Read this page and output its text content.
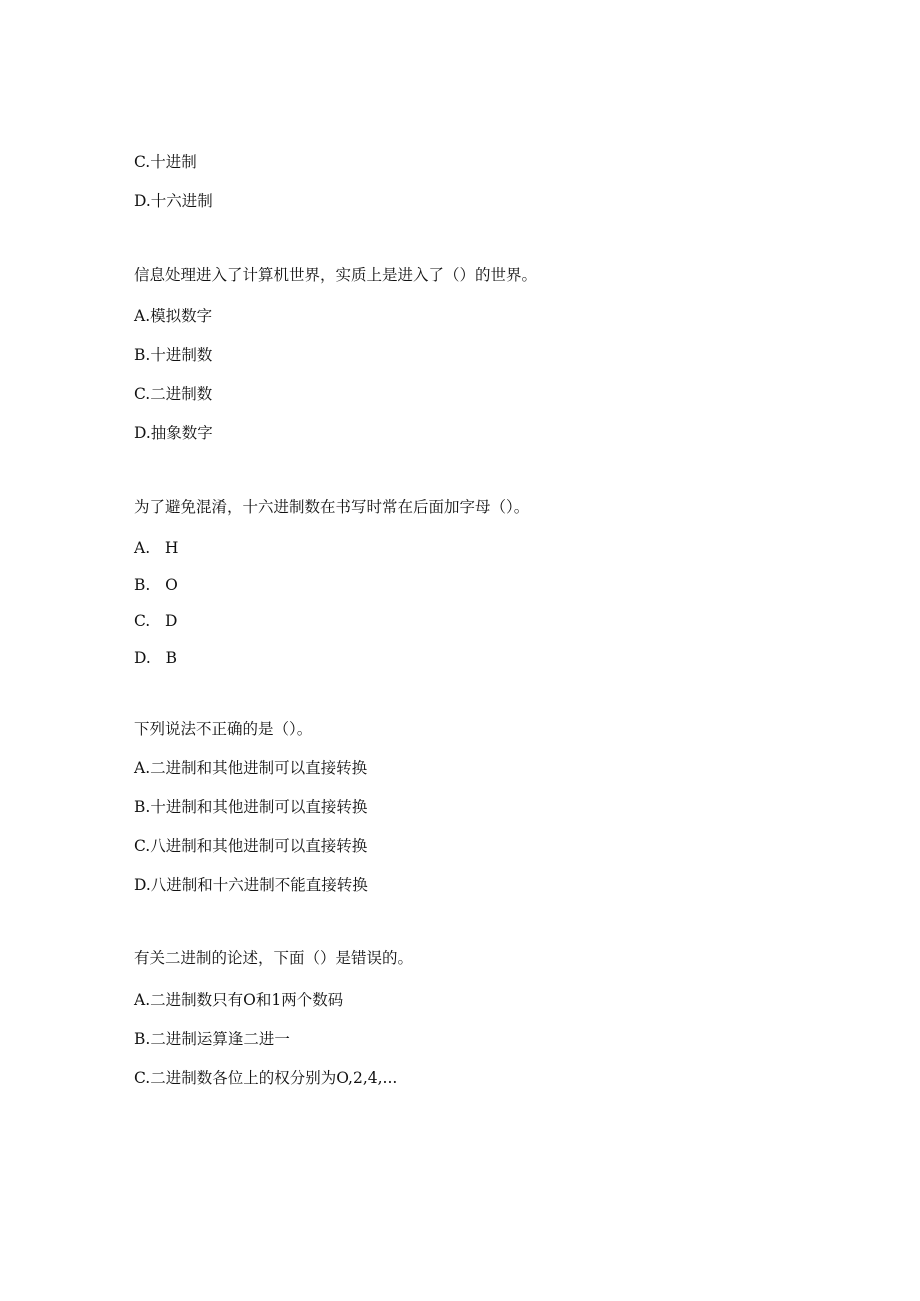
C.十进制
D.十六进制
信息处理进入了计算机世界，实质上是进入了（）的世界。
A.模拟数字
B.十进制数
C.二进制数
D.抽象数字
为了避免混淆，十六进制数在书写时常在后面加字母（）。
A.   H
B.   O
C.   D
D.   B
下列说法不正确的是（）。
A.二进制和其他进制可以直接转换
B.十进制和其他进制可以直接转换
C.八进制和其他进制可以直接转换
D.八进制和十六进制不能直接转换
有关二进制的论述，下面（）是错误的。
A.二进制数只有O和1两个数码
B.二进制运算逢二进一
C.二进制数各位上的权分别为O,2,4,...
